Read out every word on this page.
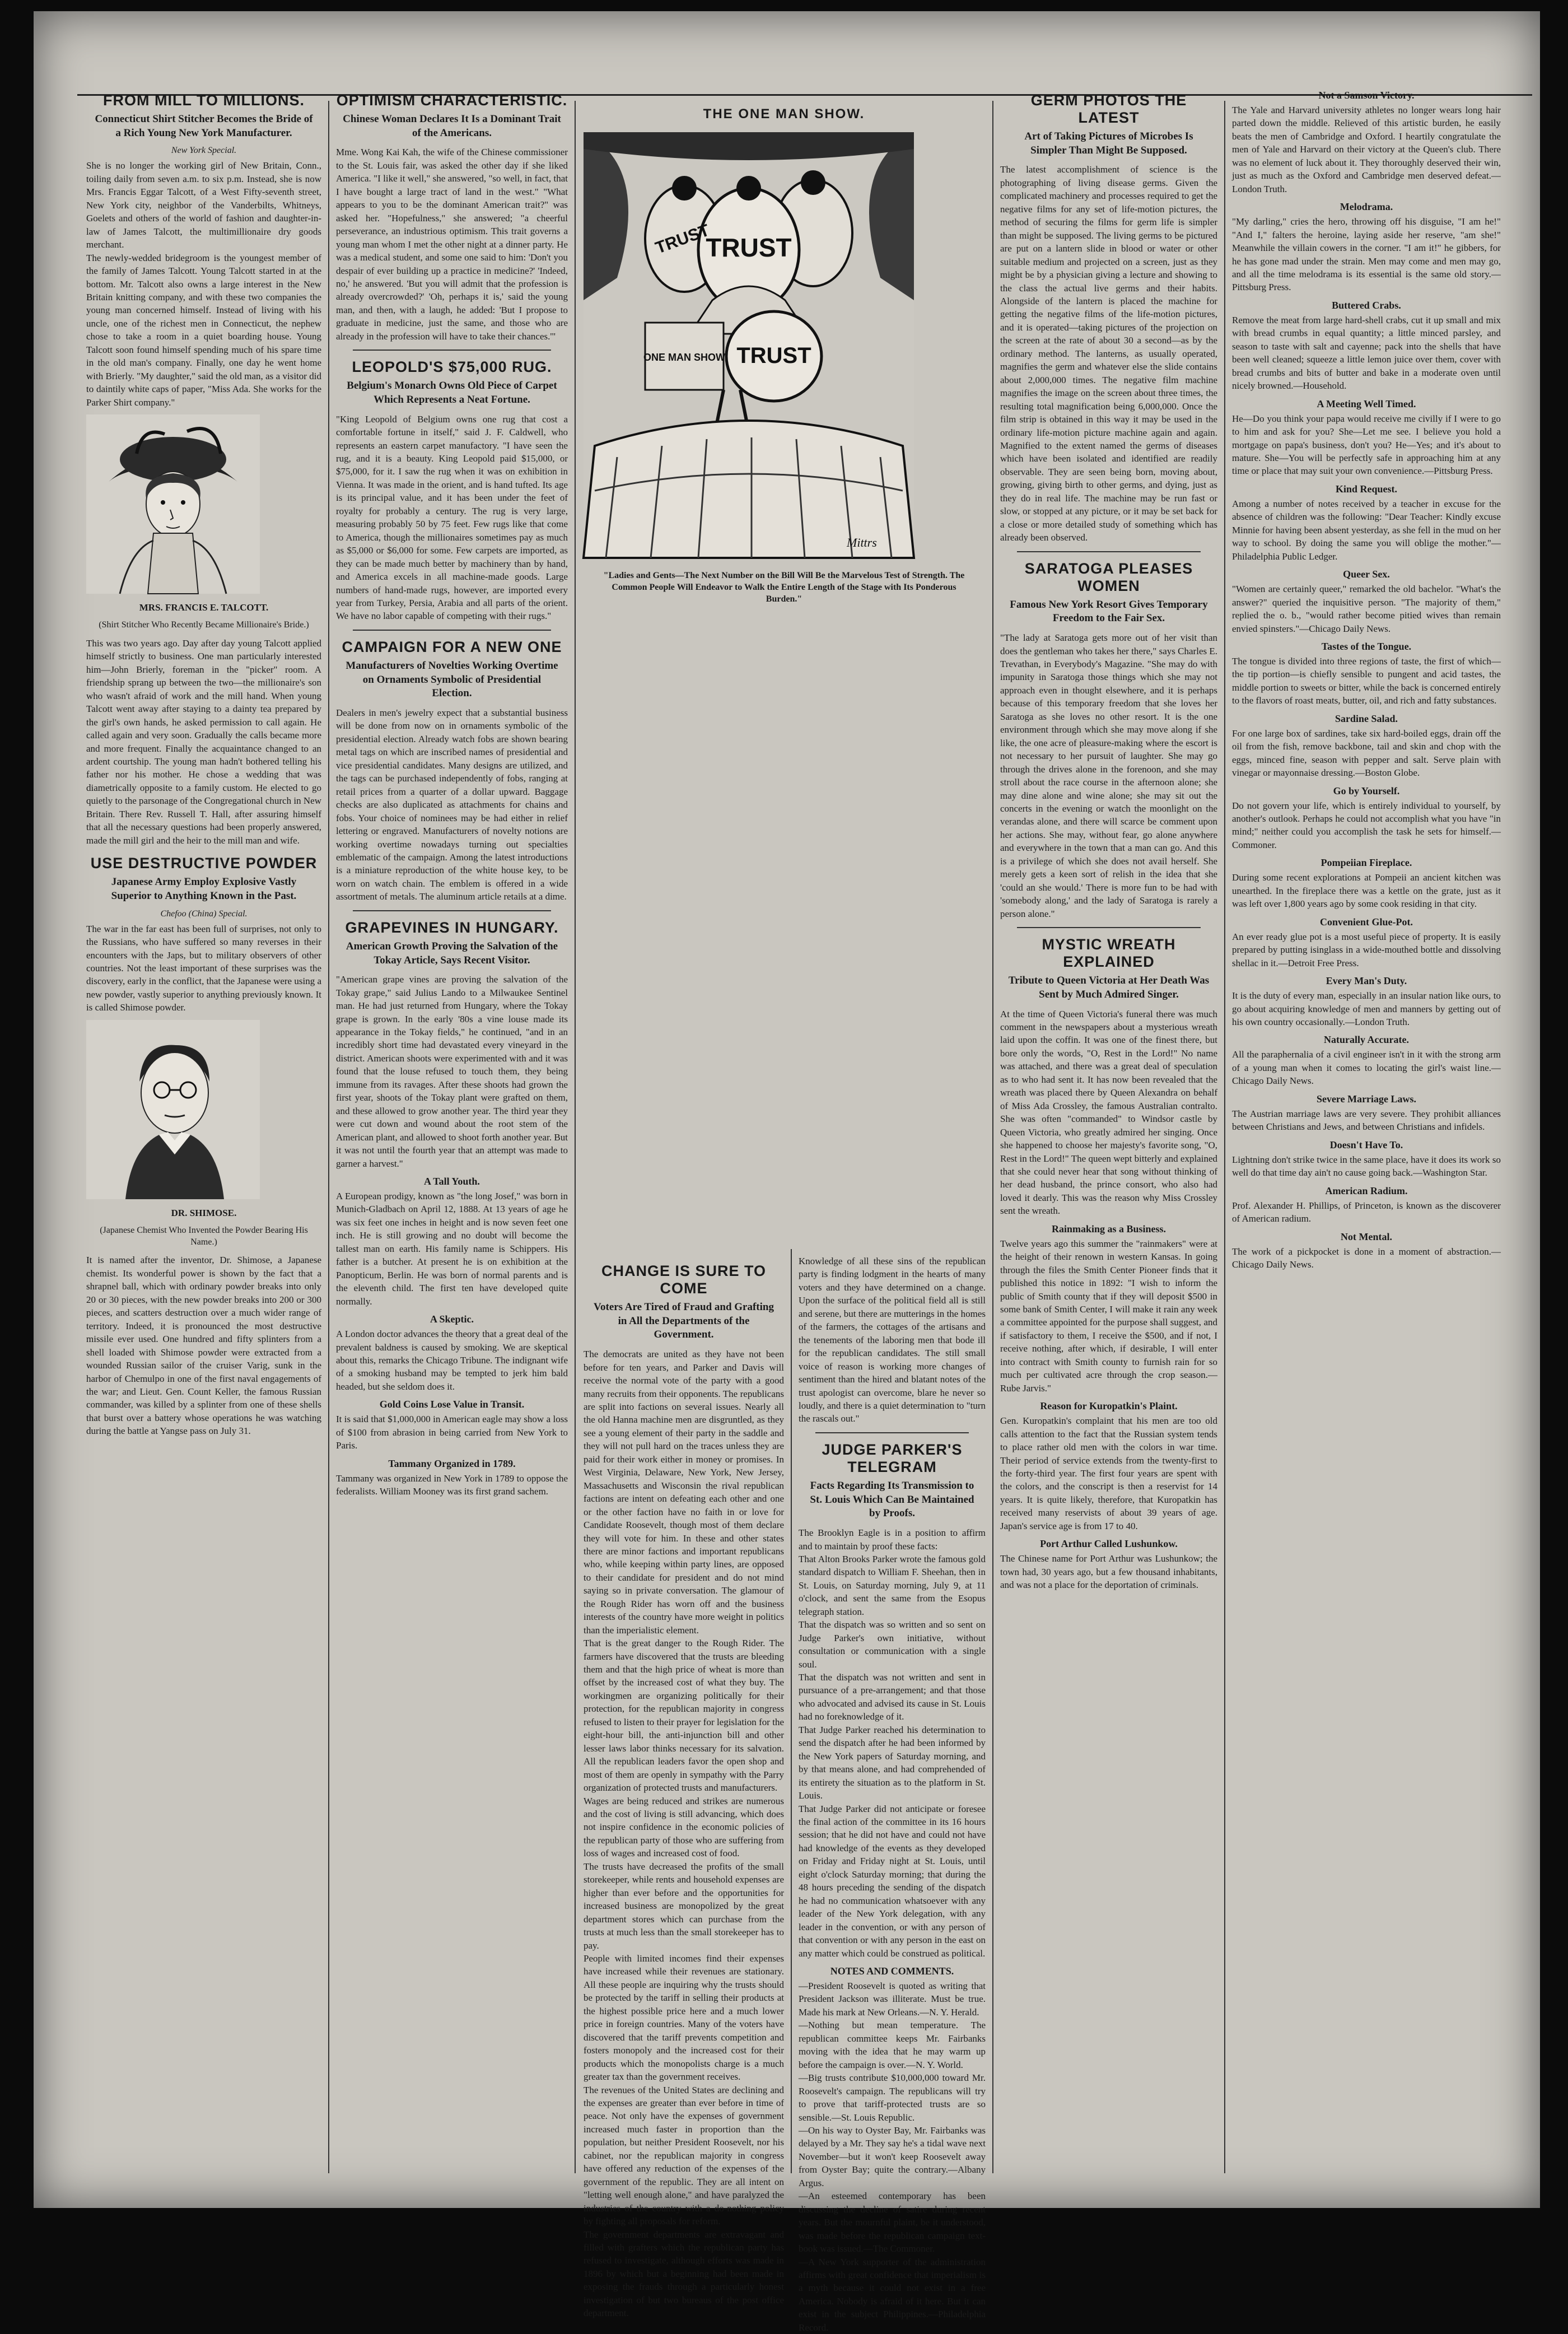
FROM MILL TO MILLIONS.
Connecticut Shirt Stitcher Becomes the Bride of a Rich Young New York Manufacturer.
New York Special.

She is no longer the working girl of New Britain, Conn., toiling daily from seven a.m. to six p.m. Instead, she is now Mrs. Francis Eggar Talcott, of a West Fifty-seventh street, New York city, neighbor of the Vanderbilts, Whitneys, Goelets and others of the world of fashion and daughter-in-law of James Talcott, the multimillionaire dry goods merchant.

The newly-wedded bridegroom is the youngest member of the family of James Talcott. Young Talcott started in at the bottom. Mr. Talcott also owns a large interest in the New Britain knitting company, and with these two companies the young man concerned himself. Instead of living with his uncle, one of the richest men in Connecticut, the nephew chose to take a room in a quiet boarding house. Young Talcott soon found himself spending much of his spare time in the old man's company. Finally, one day he went home with Brierly. "My daughter," said the old man, as a visitor did to daintily white caps of paper, "Miss Ada. She works for the Parker Shirt company."

MRS. FRANCIS E. TALCOTT.
(Shirt Stitcher Who Recently Became Millionaire's Bride.)

This was two years ago. Day after day young Talcott applied himself strictly to business. One man particularly interested him—John Brierly, foreman in the "picker" room. A friendship sprang up between the two—the millionaire's son who wasn't afraid of work and the mill hand. When young Talcott went away after staying to a dainty tea prepared by the girl's own hands, he asked permission to call again. He called again and very soon. Gradually the calls became more and more frequent. Finally the acquaintance changed to an ardent courtship. The young man hadn't bothered telling his father nor his mother. He chose a wedding that was diametrically opposite to a family custom. He elected to go quietly to the parsonage of the Congregational church in New Britain. There Rev. Russell T. Hall, after assuring himself that all the necessary questions had been properly answered, made the mill girl and the heir to the mill man and wife.

USE DESTRUCTIVE POWDER
Japanese Army Employ Explosive Vastly Superior to Anything Known in the Past.
Chefoo (China) Special.

The war in the far east has been full of surprises, not only to the Russians, who have suffered so many reverses in their encounters with the Japs, but to military observers of other countries. Not the least important of these surprises was the discovery, early in the conflict, that the Japanese were using a new powder, vastly superior to anything previously known. It is called Shimose powder.

DR. SHIMOSE.
(Japanese Chemist Who Invented the Powder Bearing His Name.)

It is named after the inventor, Dr. Shimose, a Japanese chemist. Its wonderful power is shown by the fact that a shrapnel ball, which with ordinary powder breaks into only 20 or 30 pieces, with the new powder breaks into 200 or 300 pieces, and scatters destruction over a much wider range of territory. Indeed, it is pronounced the most destructive missile ever used. One hundred and fifty splinters from a shell loaded with Shimose powder were extracted from a wounded Russian sailor of the cruiser Varig, sunk in the harbor of Chemulpo in one of the first naval engagements of the war; and Lieut. Gen. Count Keller, the famous Russian commander, was killed by a splinter from one of these shells that burst over a battery whose operations he was watching during the battle at Yangse pass on July 31.

OPTIMISM CHARACTERISTIC.
Chinese Woman Declares It Is a Dominant Trait of the Americans.

Mme. Wong Kai Kah, the wife of the Chinese commissioner to the St. Louis fair, was asked the other day if she liked America. "I like it well," she answered, "so well, in fact, that I have bought a large tract of land in the west." "What appears to you to be the dominant American trait?" was asked her. "Hopefulness," she answered; "a cheerful perseverance, an industrious optimism. This trait governs a young man whom I met the other night at a dinner party. He was a medical student, and some one said to him: 'Don't you despair of ever building up a practice in medicine?' 'Indeed, no,' he answered. 'But you will admit that the profession is already overcrowded?' 'Oh, perhaps it is,' said the young man, and then, with a laugh, he added: 'But I propose to graduate in medicine, just the same, and those who are already in the profession will have to take their chances.'"

LEOPOLD'S $75,000 RUG.
Belgium's Monarch Owns Old Piece of Carpet Which Represents a Neat Fortune.

"King Leopold of Belgium owns one rug that cost a comfortable fortune in itself," said J. F. Caldwell, who represents an eastern carpet manufactory. "I have seen the rug, and it is a beauty. King Leopold paid $15,000, or $75,000, for it. I saw the rug when it was on exhibition in Vienna. It was made in the orient, and is hand tufted. Its age is its principal value, and it has been under the feet of royalty for probably a century. The rug is very large, measuring probably 50 by 75 feet. Few rugs like that come to America, though the millionaires sometimes pay as much as $5,000 or $6,000 for some. Few carpets are imported, as they can be made much better by machinery than by hand, and America excels in all machine-made goods. Large numbers of hand-made rugs, however, are imported every year from Turkey, Persia, Arabia and all parts of the orient. We have no labor capable of competing with their rugs."

CAMPAIGN FOR A NEW ONE
Manufacturers of Novelties Working Overtime on Ornaments Symbolic of Presidential Election.

Dealers in men's jewelry expect that a substantial business will be done from now on in ornaments symbolic of the presidential election. Already watch fobs are shown bearing metal tags on which are inscribed names of presidential and vice presidential candidates. Many designs are utilized, and the tags can be purchased independently of fobs, ranging at retail prices from a quarter of a dollar upward. Baggage checks are also duplicated as attachments for chains and fobs. Your choice of nominees may be had either in relief lettering or engraved. Manufacturers of novelty notions are working overtime nowadays turning out specialties emblematic of the campaign. Among the latest introductions is a miniature reproduction of the white house key, to be worn on watch chain. The emblem is offered in a wide assortment of metals. The aluminum article retails at a dime.

GRAPEVINES IN HUNGARY.
American Growth Proving the Salvation of the Tokay Article, Says Recent Visitor.

"American grape vines are proving the salvation of the Tokay grape," said Julius Lando to a Milwaukee Sentinel man. He had just returned from Hungary, where the Tokay grape is grown. In the early '80s a vine louse made its appearance in the Tokay fields," he continued, "and in an incredibly short time had devastated every vineyard in the district. American shoots were experimented with and it was found that the louse refused to touch them, they being immune from its ravages. After these shoots had grown the first year, shoots of the Tokay plant were grafted on them, and these allowed to grow another year. The third year they were cut down and wound about the root stem of the American plant, and allowed to shoot forth another year. But it was not until the fourth year that an attempt was made to garner a harvest."

A Tall Youth.

A European prodigy, known as "the long Josef," was born in Munich-Gladbach on April 12, 1888. At 13 years of age he was six feet one inches in height and is now seven feet one inch. He is still growing and no doubt will become the tallest man on earth. His family name is Schippers. His father is a butcher. At present he is on exhibition at the Panopticum, Berlin. He was born of normal parents and is the eleventh child. The first ten have developed quite normally.

A Skeptic.

A London doctor advances the theory that a great deal of the prevalent baldness is caused by smoking. We are skeptical about this, remarks the Chicago Tribune. The indignant wife of a smoking husband may be tempted to jerk him bald headed, but she seldom does it.

Gold Coins Lose Value in Transit.

It is said that $1,000,000 in American eagle may show a loss of $100 from abrasion in being carried from New York to Paris.

Tammany Organized in 1789.

Tammany was organized in New York in 1789 to oppose the federalists. William Mooney was its first grand sachem.

THE ONE MAN SHOW.
TRUST
TRUST
TRUST
ONE MAN SHOW
Mittrs
"Ladies and Gents—The Next Number on the Bill Will Be the Marvelous Test of Strength. The Common People Will Endeavor to Walk the Entire Length of the Stage with Its Ponderous Burden."
CHANGE IS SURE TO COME
Voters Are Tired of Fraud and Grafting in All the Departments of the Government.

The democrats are united as they have not been before for ten years, and Parker and Davis will receive the normal vote of the party with a good many recruits from their opponents. The republicans are split into factions on several issues. Nearly all the old Hanna machine men are disgruntled, as they see a young element of their party in the saddle and they will not pull hard on the traces unless they are paid for their work either in money or promises. In West Virginia, Delaware, New York, New Jersey, Massachusetts and Wisconsin the rival republican factions are intent on defeating each other and one or the other faction have no faith in or love for Candidate Roosevelt, though most of them declare they will vote for him. In these and other states there are minor factions and important republicans who, while keeping within party lines, are opposed to their candidate for president and do not mind saying so in private conversation. The glamour of the Rough Rider has worn off and the business interests of the country have more weight in politics than the imperialistic element.

That is the great danger to the Rough Rider. The farmers have discovered that the trusts are bleeding them and that the high price of wheat is more than offset by the increased cost of what they buy. The workingmen are organizing politically for their protection, for the republican majority in congress refused to listen to their prayer for legislation for the eight-hour bill, the anti-injunction bill and other lesser laws labor thinks necessary for its salvation. All the republican leaders favor the open shop and most of them are openly in sympathy with the Parry organization of protected trusts and manufacturers.

Wages are being reduced and strikes are numerous and the cost of living is still advancing, which does not inspire confidence in the economic policies of the republican party of those who are suffering from loss of wages and increased cost of food.

The trusts have decreased the profits of the small storekeeper, while rents and household expenses are higher than ever before and the opportunities for increased business are monopolized by the great department stores which can purchase from the trusts at much less than the small storekeeper has to pay.

People with limited incomes find their expenses have increased while their revenues are stationary. All these people are inquiring why the trusts should be protected by the tariff in selling their products at the highest possible price here and a much lower price in foreign countries. Many of the voters have discovered that the tariff prevents competition and fosters monopoly and the increased cost for their products which the monopolists charge is a much greater tax than the government receives.

The revenues of the United States are declining and the expenses are greater than ever before in time of peace. Not only have the expenses of government increased much faster in proportion than the population, but neither President Roosevelt, nor his cabinet, nor the republican majority in congress have offered any reduction of the expenses of the government of the republic. They are all intent on "letting well enough alone," and have paralyzed the industries of the country with a do-nothing policy by fighting all proposals for reform.

The government departments are extravagant and filled with grafters which the republican party has refused to investigate, although efforts was made in 1896 by which but a beginning had been made in exposing the frauds through a particularly honest investigation of but two bureaus of the post office department.

Knowledge of all these sins of the republican party is finding lodgment in the hearts of many voters and they have determined on a change. Upon the surface of the political field all is still and serene, but there are mutterings in the homes of the farmers, the cottages of the artisans and the tenements of the laboring men that bode ill for the republican candidates. The still small voice of reason is working more changes of sentiment than the hired and blatant notes of the trust apologist can overcome, blare he never so loudly, and there is a quiet determination to "turn the rascals out."

JUDGE PARKER'S TELEGRAM
Facts Regarding Its Transmission to St. Louis Which Can Be Maintained by Proofs.

The Brooklyn Eagle is in a position to affirm and to maintain by proof these facts:

That Alton Brooks Parker wrote the famous gold standard dispatch to William F. Sheehan, then in St. Louis, on Saturday morning, July 9, at 11 o'clock, and sent the same from the Esopus telegraph station.

That the dispatch was so written and so sent on Judge Parker's own initiative, without consultation or communication with a single soul.

That the dispatch was not written and sent in pursuance of a pre-arrangement; and that those who advocated and advised its cause in St. Louis had no foreknowledge of it.

That Judge Parker reached his determination to send the dispatch after he had been informed by the New York papers of Saturday morning, and by that means alone, and had comprehended of its entirety the situation as to the platform in St. Louis.

That Judge Parker did not anticipate or foresee the final action of the committee in its 16 hours session; that he did not have and could not have had knowledge of the events as they developed on Friday and Friday night at St. Louis, until eight o'clock Saturday morning; that during the 48 hours preceding the sending of the dispatch he had no communication whatsoever with any leader of the New York delegation, with any leader in the convention, or with any person of that convention or with any person in the east on any matter which could be construed as political.

NOTES AND COMMENTS.

—President Roosevelt is quoted as writing that President Jackson was illiterate. Must be true. Made his mark at New Orleans.—N. Y. Herald.

—Nothing but mean temperature. The republican committee keeps Mr. Fairbanks moving with the idea that he may warm up before the campaign is over.—N. Y. World.

—Big trusts contribute $10,000,000 toward Mr. Roosevelt's campaign. The republicans will try to prove that tariff-protected trusts are so sensible.—St. Louis Republic.

—On his way to Oyster Bay, Mr. Fairbanks was delayed by a Mr. They say he's a tidal wave next November—but it won't keep Roosevelt away from Oyster Bay; quite the contrary.—Albany Argus.

—An esteemed contemporary has been discussing the decline of satire during recent years. But the mournful plaint, be it understood, was made before the republican campaign text-book was issued.—The Commoner.

—A New York supporter of the administration affirms with great confidence that imperialism is a myth because it could not exist in a free America. Nobody is afraid of it here. But it can exist in the subject Philippines.—Philadelphia Record.

GERM PHOTOS THE LATEST
Art of Taking Pictures of Microbes Is Simpler Than Might Be Supposed.

The latest accomplishment of science is the photographing of living disease germs. Given the complicated machinery and processes required to get the negative films for any set of life-motion pictures, the method of securing the films for germ life is simpler than might be supposed. The living germs to be pictured are put on a lantern slide in blood or water or other suitable medium and projected on a screen, just as they might be by a physician giving a lecture and showing to the class the actual live germs and their habits. Alongside of the lantern is placed the machine for getting the negative films of the life-motion pictures, and it is operated—taking pictures of the projection on the screen at the rate of about 30 a second—as by the ordinary method. The lanterns, as usually operated, magnifies the germ and whatever else the slide contains about 2,000,000 times. The negative film machine magnifies the image on the screen about three times, the resulting total magnification being 6,000,000. Once the film strip is obtained in this way it may be used in the ordinary life-motion picture machine again and again. Magnified to the extent named the germs of diseases which have been isolated and identified are readily observable. They are seen being born, moving about, growing, giving birth to other germs, and dying, just as they do in real life. The machine may be run fast or slow, or stopped at any picture, or it may be set back for a close or more detailed study of something which has already been observed.

SARATOGA PLEASES WOMEN
Famous New York Resort Gives Temporary Freedom to the Fair Sex.

"The lady at Saratoga gets more out of her visit than does the gentleman who takes her there," says Charles E. Trevathan, in Everybody's Magazine. "She may do with impunity in Saratoga those things which she may not approach even in thought elsewhere, and it is perhaps because of this temporary freedom that she loves her Saratoga as she loves no other resort. It is the one environment through which she may move along if she like, the one acre of pleasure-making where the escort is not necessary to her pursuit of laughter. She may go through the drives alone in the forenoon, and she may stroll about the race course in the afternoon alone; she may dine alone and wine alone; she may sit out the concerts in the evening or watch the moonlight on the verandas alone, and there will scarce be comment upon her actions. She may, without fear, go alone anywhere and everywhere in the town that a man can go. And this is a privilege of which she does not avail herself. She merely gets a keen sort of relish in the idea that she 'could an she would.' There is more fun to be had with 'somebody along,' and the lady of Saratoga is rarely a person alone."

MYSTIC WREATH EXPLAINED
Tribute to Queen Victoria at Her Death Was Sent by Much Admired Singer.

At the time of Queen Victoria's funeral there was much comment in the newspapers about a mysterious wreath laid upon the coffin. It was one of the finest there, but bore only the words, "O, Rest in the Lord!" No name was attached, and there was a great deal of speculation as to who had sent it. It has now been revealed that the wreath was placed there by Queen Alexandra on behalf of Miss Ada Crossley, the famous Australian contralto. She was often "commanded" to Windsor castle by Queen Victoria, who greatly admired her singing. Once she happened to choose her majesty's favorite song, "O, Rest in the Lord!" The queen wept bitterly and explained that she could never hear that song without thinking of her dead husband, the prince consort, who also had loved it dearly. This was the reason why Miss Crossley sent the wreath.

Rainmaking as a Business.

Twelve years ago this summer the "rainmakers" were at the height of their renown in western Kansas. In going through the files the Smith Center Pioneer finds that it published this notice in 1892: "I wish to inform the public of Smith county that if they will deposit $500 in some bank of Smith Center, I will make it rain any week a committee appointed for the purpose shall suggest, and if satisfactory to them, I receive the $500, and if not, I receive nothing, after which, if desirable, I will enter into contract with Smith county to furnish rain for so much per cultivated acre through the crop season.—Rube Jarvis."

Reason for Kuropatkin's Plaint.

Gen. Kuropatkin's complaint that his men are too old calls attention to the fact that the Russian system tends to place rather old men with the colors in war time. Their period of service extends from the twenty-first to the forty-third year. The first four years are spent with the colors, and the conscript is then a reservist for 14 years. It is quite likely, therefore, that Kuropatkin has received many reservists of about 39 years of age. Japan's service age is from 17 to 40.

Port Arthur Called Lushunkow.

The Chinese name for Port Arthur was Lushunkow; the town had, 30 years ago, but a few thousand inhabitants, and was not a place for the deportation of criminals.

Not a Samson Victory.

The Yale and Harvard university athletes no longer wears long hair parted down the middle. Relieved of this artistic burden, he easily beats the men of Cambridge and Oxford. I heartily congratulate the men of Yale and Harvard on their victory at the Queen's club. There was no element of luck about it. They thoroughly deserved their win, just as much as the Oxford and Cambridge men deserved defeat.—London Truth.

Melodrama.

"My darling," cries the hero, throwing off his disguise, "I am he!" "And I," falters the heroine, laying aside her reserve, "am she!" Meanwhile the villain cowers in the corner. "I am it!" he gibbers, for he has gone mad under the strain. Men may come and men may go, and all the time melodrama is its essential is the same old story.—Pittsburg Press.

Buttered Crabs.

Remove the meat from large hard-shell crabs, cut it up small and mix with bread crumbs in equal quantity; a little minced parsley, and season to taste with salt and cayenne; pack into the shells that have been well cleaned; squeeze a little lemon juice over them, cover with bread crumbs and bits of butter and bake in a moderate oven until nicely browned.—Household.

A Meeting Well Timed.

He—Do you think your papa would receive me civilly if I were to go to him and ask for you? She—Let me see. I believe you hold a mortgage on papa's business, don't you? He—Yes; and it's about to mature. She—You will be perfectly safe in approaching him at any time or place that may suit your own convenience.—Pittsburg Press.

Kind Request.

Among a number of notes received by a teacher in excuse for the absence of children was the following: "Dear Teacher: Kindly excuse Minnie for having been absent yesterday, as she fell in the mud on her way to school. By doing the same you will oblige the mother."—Philadelphia Public Ledger.

Queer Sex.

"Women are certainly queer," remarked the old bachelor. "What's the answer?" queried the inquisitive person. "The majority of them," replied the o. b., "would rather become pitied wives than remain envied spinsters."—Chicago Daily News.

Tastes of the Tongue.

The tongue is divided into three regions of taste, the first of which—the tip portion—is chiefly sensible to pungent and acid tastes, the middle portion to sweets or bitter, while the back is concerned entirely to the flavors of roast meats, butter, oil, and rich and fatty substances.

Sardine Salad.

For one large box of sardines, take six hard-boiled eggs, drain off the oil from the fish, remove backbone, tail and skin and chop with the eggs, minced fine, season with pepper and salt. Serve plain with vinegar or mayonnaise dressing.—Boston Globe.

Go by Yourself.

Do not govern your life, which is entirely individual to yourself, by another's outlook. Perhaps he could not accomplish what you have "in mind;" neither could you accomplish the task he sets for himself.—Commoner.

Pompeiian Fireplace.

During some recent explorations at Pompeii an ancient kitchen was unearthed. In the fireplace there was a kettle on the grate, just as it was left over 1,800 years ago by some cook residing in that city.

Convenient Glue-Pot.

An ever ready glue pot is a most useful piece of property. It is easily prepared by putting isinglass in a wide-mouthed bottle and dissolving shellac in it.—Detroit Free Press.

Every Man's Duty.

It is the duty of every man, especially in an insular nation like ours, to go about acquiring knowledge of men and manners by getting out of his own country occasionally.—London Truth.

Naturally Accurate.

All the paraphernalia of a civil engineer isn't in it with the strong arm of a young man when it comes to locating the girl's waist line.—Chicago Daily News.

Severe Marriage Laws.

The Austrian marriage laws are very severe. They prohibit alliances between Christians and Jews, and between Christians and infidels.

Doesn't Have To.

Lightning don't strike twice in the same place, have it does its work so well do that time day ain't no cause going back.—Washington Star.

American Radium.

Prof. Alexander H. Phillips, of Princeton, is known as the discoverer of American radium.

Not Mental.

The work of a pickpocket is done in a moment of abstraction.—Chicago Daily News.
